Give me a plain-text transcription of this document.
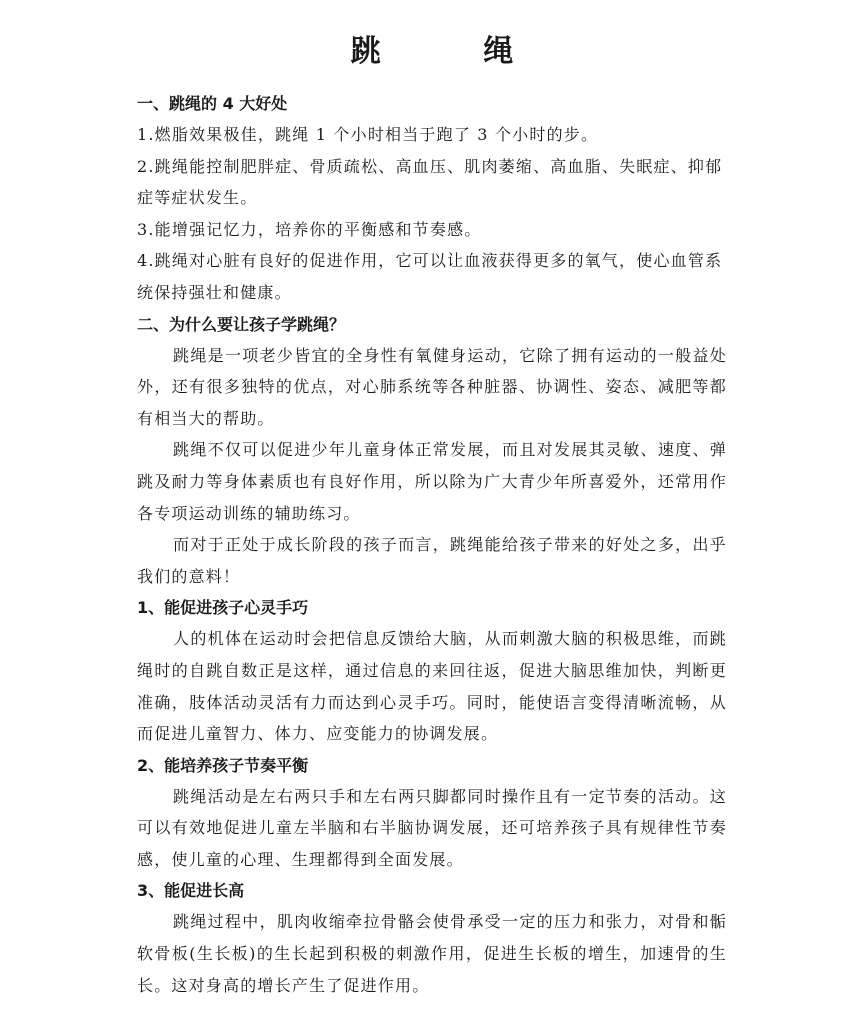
跳 绳
一、跳绳的 4 大好处

1.燃脂效果极佳，跳绳 1 个小时相当于跑了 3 个小时的步。

2.跳绳能控制肥胖症、骨质疏松、高血压、肌肉萎缩、高血脂、失眠症、抑郁症等症状发生。

3.能增强记忆力，培养你的平衡感和节奏感。

4.跳绳对心脏有良好的促进作用，它可以让血液获得更多的氧气，使心血管系统保持强壮和健康。

二、为什么要让孩子学跳绳？

跳绳是一项老少皆宜的全身性有氧健身运动，它除了拥有运动的一般益处外，还有很多独特的优点，对心肺系统等各种脏器、协调性、姿态、减肥等都有相当大的帮助。

跳绳不仅可以促进少年儿童身体正常发展，而且对发展其灵敏、速度、弹跳及耐力等身体素质也有良好作用，所以除为广大青少年所喜爱外，还常用作各专项运动训练的辅助练习。

而对于正处于成长阶段的孩子而言，跳绳能给孩子带来的好处之多，出乎我们的意料！

1、能促进孩子心灵手巧

人的机体在运动时会把信息反馈给大脑，从而刺激大脑的积极思维，而跳绳时的自跳自数正是这样，通过信息的来回往返，促进大脑思维加快，判断更准确，肢体活动灵活有力而达到心灵手巧。同时，能使语言变得清晰流畅，从而促进儿童智力、体力、应变能力的协调发展。

2、能培养孩子节奏平衡

跳绳活动是左右两只手和左右两只脚都同时操作且有一定节奏的活动。这可以有效地促进儿童左半脑和右半脑协调发展，还可培养孩子具有规律性节奏感，使儿童的心理、生理都得到全面发展。

3、能促进长高

跳绳过程中，肌肉收缩牵拉骨骼会使骨承受一定的压力和张力，对骨和骺软骨板(生长板)的生长起到积极的刺激作用，促进生长板的增生，加速骨的生长。这对身高的增长产生了促进作用。
